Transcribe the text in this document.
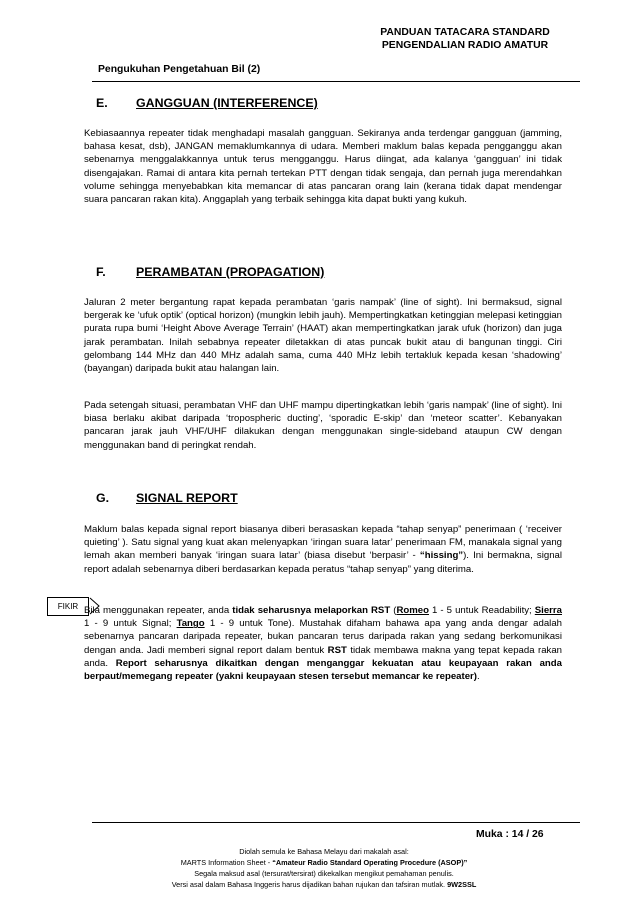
PANDUAN TATACARA STANDARD
PENGENDALIAN RADIO AMATUR
Pengukuhan Pengetahuan Bil (2)
E. GANGGUAN (INTERFERENCE)
Kebiasaannya repeater tidak menghadapi masalah gangguan. Sekiranya anda terdengar gangguan (jamming, bahasa kesat, dsb), JANGAN memaklumkannya di udara. Memberi maklum balas kepada pengganggu akan sebenarnya menggalakkannya untuk terus mengganggu. Harus diingat, ada kalanya ‘gangguan’ ini tidak disengajakan. Ramai di antara kita pernah tertekan PTT dengan tidak sengaja, dan pernah juga merendahkan volume sehingga menyebabkan kita memancar di atas pancaran orang lain (kerana tidak dapat mendengar suara pancaran rakan kita). Anggaplah yang terbaik sehingga kita dapat bukti yang kukuh.
F. PERAMBATAN (PROPAGATION)
Jaluran 2 meter bergantung rapat kepada perambatan ‘garis nampak’ (line of sight). Ini bermaksud, signal bergerak ke ‘ufuk optik’ (optical horizon) (mungkin lebih jauh). Mempertingkatkan ketinggian melepasi ketinggian purata rupa bumi ‘Height Above Average Terrain’ (HAAT) akan mempertingkatkan jarak ufuk (horizon) dan juga jarak perambatan. Inilah sebabnya repeater diletakkan di atas puncak bukit atau di bangunan tinggi. Ciri gelombang 144 MHz dan 440 MHz adalah sama, cuma 440 MHz lebih tertakluk kepada kesan ‘shadowing’ (bayangan) daripada bukit atau halangan lain.
Pada setengah situasi, perambatan VHF dan UHF mampu dipertingkatkan lebih ‘garis nampak’ (line of sight). Ini biasa berlaku akibat daripada ‘tropospheric ducting’, ‘sporadic E-skip’ dan ‘meteor scatter’. Kebanyakan pancaran jarak jauh VHF/UHF dilakukan dengan menggunakan single-sideband ataupun CW dengan menggunakan band di peringkat rendah.
G. SIGNAL REPORT
Maklum balas kepada signal report biasanya diberi berasaskan kepada “tahap senyap” penerimaan ( ‘receiver quieting’ ). Satu signal yang kuat akan melenyapkan ‘iringan suara latar’ penerimaan FM, manakala signal yang lemah akan memberi banyak ‘iringan suara latar’ (biasa disebut ‘berpasir’ - “hissing”). Ini bermakna, signal report adalah sebenarnya diberi berdasarkan kepada peratus “tahap senyap” yang diterima.
FIKIR Bila menggunakan repeater, anda tidak seharusnya melaporkan RST (Romeo 1 - 5 untuk Readability; Sierra 1 - 9 untuk Signal; Tango 1 - 9 untuk Tone). Mustahak difaham bahawa apa yang anda dengar adalah sebenarnya pancaran daripada repeater, bukan pancaran terus daripada rakan yang sedang berkomunikasi dengan anda. Jadi memberi signal report dalam bentuk RST tidak membawa makna yang tepat kepada rakan anda. Report seharusnya dikaitkan dengan menganggar kekuatan atau keupayaan rakan anda berpaut/memegang repeater (yakni keupayaan stesen tersebut memancar ke repeater).
Muka : 14 / 26
Diolah semula ke Bahasa Melayu dari makalah asal:
MARTS Information Sheet - “Amateur Radio Standard Operating Procedure (ASOP)”
Segala maksud asal (tersurat/tersirat) dikekalkan mengikut pemahaman penulis.
Versi asal dalam Bahasa Inggeris harus dijadikan bahan rujukan dan tafsiran mutlak. 9W2SSL
